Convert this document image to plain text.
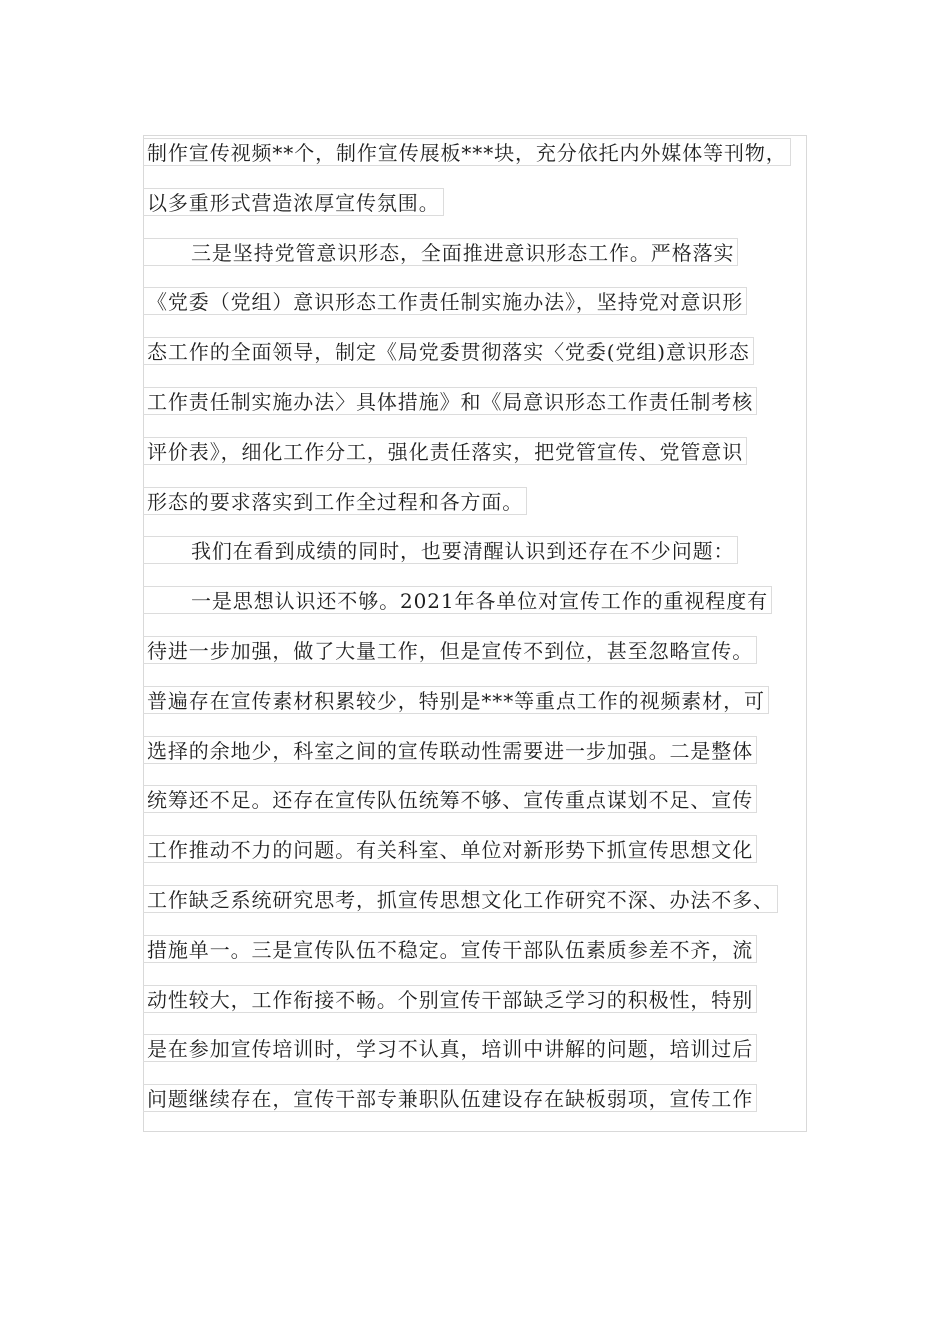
制作宣传视频**个，制作宣传展板***块，充分依托内外媒体等刊物，
以多重形式营造浓厚宣传氛围。
三是坚持党管意识形态，全面推进意识形态工作。严格落实
《党委（党组）意识形态工作责任制实施办法》，坚持党对意识形
态工作的全面领导，制定《局党委贯彻落实〈党委(党组)意识形态
工作责任制实施办法〉具体措施》和《局意识形态工作责任制考核
评价表》，细化工作分工，强化责任落实，把党管宣传、党管意识
形态的要求落实到工作全过程和各方面。
我们在看到成绩的同时，也要清醒认识到还存在不少问题：
一是思想认识还不够。2021年各单位对宣传工作的重视程度有
待进一步加强，做了大量工作，但是宣传不到位，甚至忽略宣传。
普遍存在宣传素材积累较少，特别是***等重点工作的视频素材，可
选择的余地少，科室之间的宣传联动性需要进一步加强。二是整体
统筹还不足。还存在宣传队伍统筹不够、宣传重点谋划不足、宣传
工作推动不力的问题。有关科室、单位对新形势下抓宣传思想文化
工作缺乏系统研究思考，抓宣传思想文化工作研究不深、办法不多、
措施单一。三是宣传队伍不稳定。宣传干部队伍素质参差不齐，流
动性较大，工作衔接不畅。个别宣传干部缺乏学习的积极性，特别
是在参加宣传培训时，学习不认真，培训中讲解的问题，培训过后
问题继续存在，宣传干部专兼职队伍建设存在缺板弱项，宣传工作
